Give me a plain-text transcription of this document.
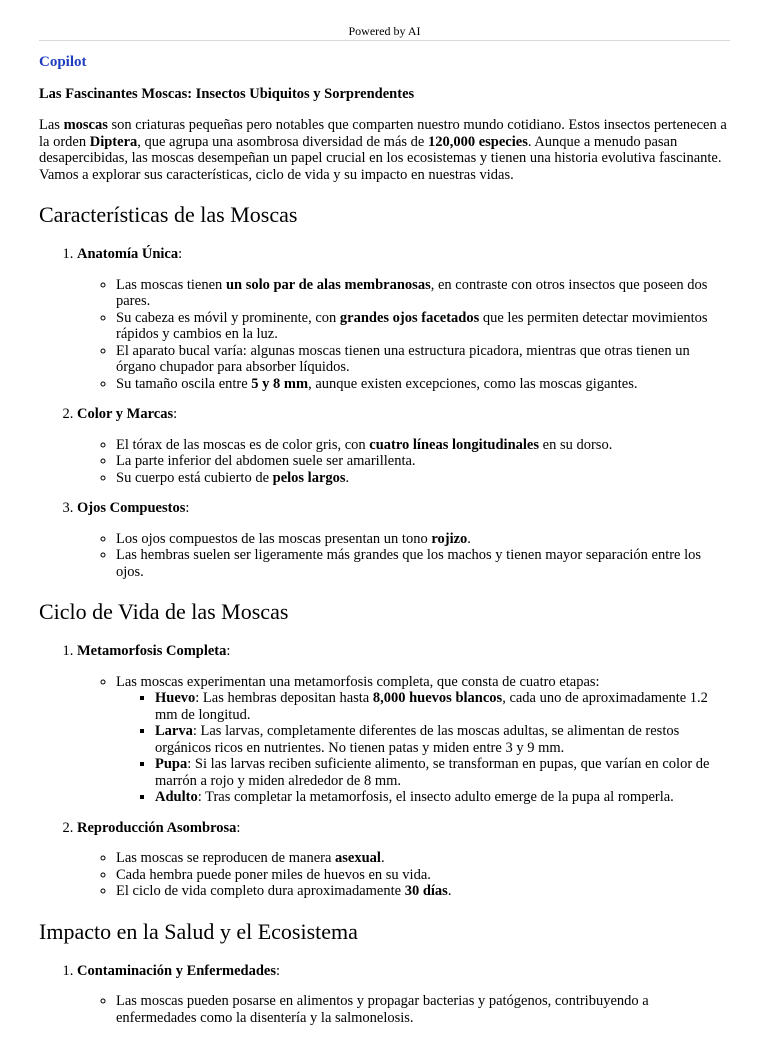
Powered by AI
Copilot
Las Fascinantes Moscas: Insectos Ubiquitos y Sorprendentes

Las moscas son criaturas pequeñas pero notables que comparten nuestro mundo cotidiano. Estos insectos pertenecen a la orden Diptera, que agrupa una asombrosa diversidad de más de 120,000 especies. Aunque a menudo pasan desapercibidas, las moscas desempeñan un papel crucial en los ecosistemas y tienen una historia evolutiva fascinante. Vamos a explorar sus características, ciclo de vida y su impacto en nuestras vidas.

Características de las Moscas
1. Anatomía Única:
◦ Las moscas tienen un solo par de alas membranosas, en contraste con otros insectos que poseen dos pares.
◦ Su cabeza es móvil y prominente, con grandes ojos facetados que les permiten detectar movimientos rápidos y cambios en la luz.
◦ El aparato bucal varía: algunas moscas tienen una estructura picadora, mientras que otras tienen un órgano chupador para absorber líquidos.
◦ Su tamaño oscila entre 5 y 8 mm, aunque existen excepciones, como las moscas gigantes.
2. Color y Marcas:
◦ El tórax de las moscas es de color gris, con cuatro líneas longitudinales en su dorso.
◦ La parte inferior del abdomen suele ser amarillenta.
◦ Su cuerpo está cubierto de pelos largos.
3. Ojos Compuestos:
◦ Los ojos compuestos de las moscas presentan un tono rojizo.
◦ Las hembras suelen ser ligeramente más grandes que los machos y tienen mayor separación entre los ojos.
Ciclo de Vida de las Moscas
1. Metamorfosis Completa:
◦ Las moscas experimentan una metamorfosis completa, que consta de cuatro etapas:
▪ Huevo: Las hembras depositan hasta 8,000 huevos blancos, cada uno de aproximadamente 1.2 mm de longitud.
▪ Larva: Las larvas, completamente diferentes de las moscas adultas, se alimentan de restos orgánicos ricos en nutrientes. No tienen patas y miden entre 3 y 9 mm.
▪ Pupa: Si las larvas reciben suficiente alimento, se transforman en pupas, que varían en color de marrón a rojo y miden alrededor de 8 mm.
▪ Adulto: Tras completar la metamorfosis, el insecto adulto emerge de la pupa al romperla.
2. Reproducción Asombrosa:
◦ Las moscas se reproducen de manera asexual.
◦ Cada hembra puede poner miles de huevos en su vida.
◦ El ciclo de vida completo dura aproximadamente 30 días.
Impacto en la Salud y el Ecosistema
1. Contaminación y Enfermedades:
◦ Las moscas pueden posarse en alimentos y propagar bacterias y patógenos, contribuyendo a enfermedades como la disentería y la salmonelosis.
